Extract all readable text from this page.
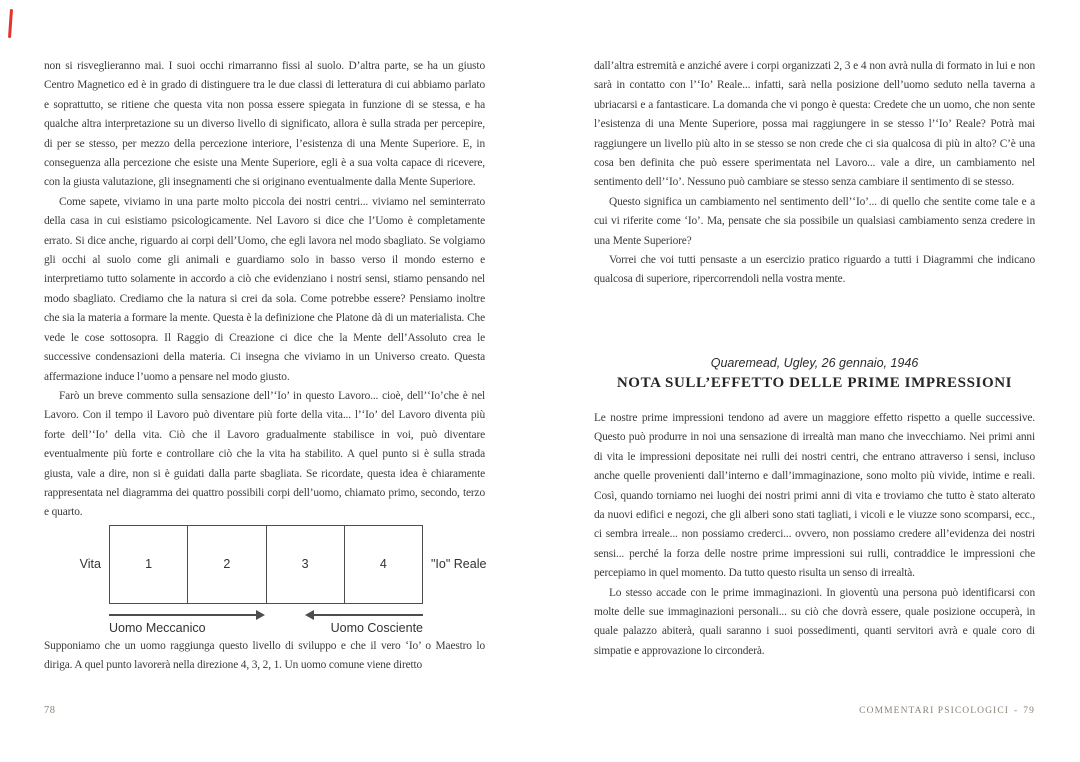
non si risveglieranno mai. I suoi occhi rimarranno fissi al suolo. D’altra parte, se ha un giusto Centro Magnetico ed è in grado di distinguere tra le due classi di letteratura di cui abbiamo parlato e soprattutto, se ritiene che questa vita non possa essere spiegata in funzione di se stessa, e ha qualche altra interpretazione su un diverso livello di significato, allora è sulla strada per percepire, di per se stesso, per mezzo della percezione interiore, l’esistenza di una Mente Superiore. E, in conseguenza alla percezione che esiste una Mente Superiore, egli è a sua volta capace di ricevere, con la giusta valutazione, gli insegnamenti che si originano eventualmente dalla Mente Superiore.

Come sapete, viviamo in una parte molto piccola dei nostri centri... viviamo nel seminterrato della casa in cui esistiamo psicologicamente. Nel Lavoro si dice che l’Uomo è completamente errato. Si dice anche, riguardo ai corpi dell’Uomo, che egli lavora nel modo sbagliato. Se volgiamo gli occhi al suolo come gli animali e guardiamo solo in basso verso il mondo esterno e interpretiamo tutto solamente in accordo a ciò che evidenziano i nostri sensi, stiamo pensando nel modo sbagliato. Crediamo che la natura si crei da sola. Come potrebbe essere? Pensiamo inoltre che sia la materia a formare la mente. Questa è la definizione che Platone dà di un materialista. Che vede le cose sottosopra. Il Raggio di Creazione ci dice che la Mente dell’Assoluto crea le successive condensazioni della materia. Ci insegna che viviamo in un Universo creato. Questa affermazione induce l’uomo a pensare nel modo giusto.

Farò un breve commento sulla sensazione dell’‘Io’ in questo Lavoro... cioè, dell’‘Io’che è nel Lavoro. Con il tempo il Lavoro può diventare più forte della vita... l’‘Io’ del Lavoro diventa più forte dell’‘Io’ della vita. Ciò che il Lavoro gradualmente stabilisce in voi, può diventare eventualmente più forte e controllare ciò che la vita ha stabilito. A quel punto si è sulla strada giusta, vale a dire, non si è guidati dalla parte sbagliata. Se ricordate, questa idea è chiaramente rappresentata nel diagramma dei quattro possibili corpi dell’uomo, chiamato primo, secondo, terzo e quarto.

Vita	1	2	3	4	"Io" Reale
Uomo Meccanico	Uomo Cosciente

Supponiamo che un uomo raggiunga questo livello di sviluppo e che il vero ‘Io’ o Maestro lo diriga. A quel punto lavorerà nella direzione 4, 3, 2, 1. Un uomo comune viene diretto

dall’altra estremità e anziché avere i corpi organizzati 2, 3 e 4 non avrà nulla di formato in lui e non sarà in contatto con l’‘Io’ Reale... infatti, sarà nella posizione dell’uomo seduto nella taverna a ubriacarsi e a fantasticare. La domanda che vi pongo è questa: Credete che un uomo, che non sente l’esistenza di una Mente Superiore, possa mai raggiungere in se stesso l’‘Io’ Reale? Potrà mai raggiungere un livello più alto in se stesso se non crede che ci sia qualcosa di più in alto? C’è una cosa ben definita che può essere sperimentata nel Lavoro... vale a dire, un cambiamento nel sentimento dell’‘Io’. Nessuno può cambiare se stesso senza cambiare il sentimento di se stesso.

Questo significa un cambiamento nel sentimento dell’‘Io’... di quello che sentite come tale e a cui vi riferite come ‘Io’. Ma, pensate che sia possibile un qualsiasi cambiamento senza credere in una Mente Superiore?

Vorrei che voi tutti pensaste a un esercizio pratico riguardo a tutti i Diagrammi che indicano qualcosa di superiore, ripercorrendoli nella vostra mente.

Quaremead, Ugley, 26 gennaio, 1946
NOTA SULL’EFFETTO DELLE PRIME IMPRESSIONI

Le nostre prime impressioni tendono ad avere un maggiore effetto rispetto a quelle successive. Questo può produrre in noi una sensazione di irrealtà man mano che invecchiamo. Nei primi anni di vita le impressioni depositate nei rulli dei nostri centri, che entrano attraverso i sensi, incluso anche quelle provenienti dall’interno e dall’immaginazione, sono molto più vivide, intime e reali. Così, quando torniamo nei luoghi dei nostri primi anni di vita e troviamo che tutto è stato alterato da nuovi edifici e negozi, che gli alberi sono stati tagliati, i vicoli e le viuzze sono scomparsi, ecc., ci sembra irreale... non possiamo crederci... ovvero, non possiamo credere all’evidenza dei nostri sensi... perché la forza delle nostre prime impressioni sui rulli, contraddice le impressioni che percepiamo in quel momento. Da tutto questo risulta un senso di irrealtà.

Lo stesso accade con le prime immaginazioni. In gioventù una persona può identificarsi con molte delle sue immaginazioni personali... su ciò che dovrà essere, quale posizione occuperà, in quale palazzo abiterà, quali saranno i suoi possedimenti, quanti servitori avrà e quale coro di simpatie e approvazione lo circonderà.

78	COMMENTARI PSICOLOGICI - 79
